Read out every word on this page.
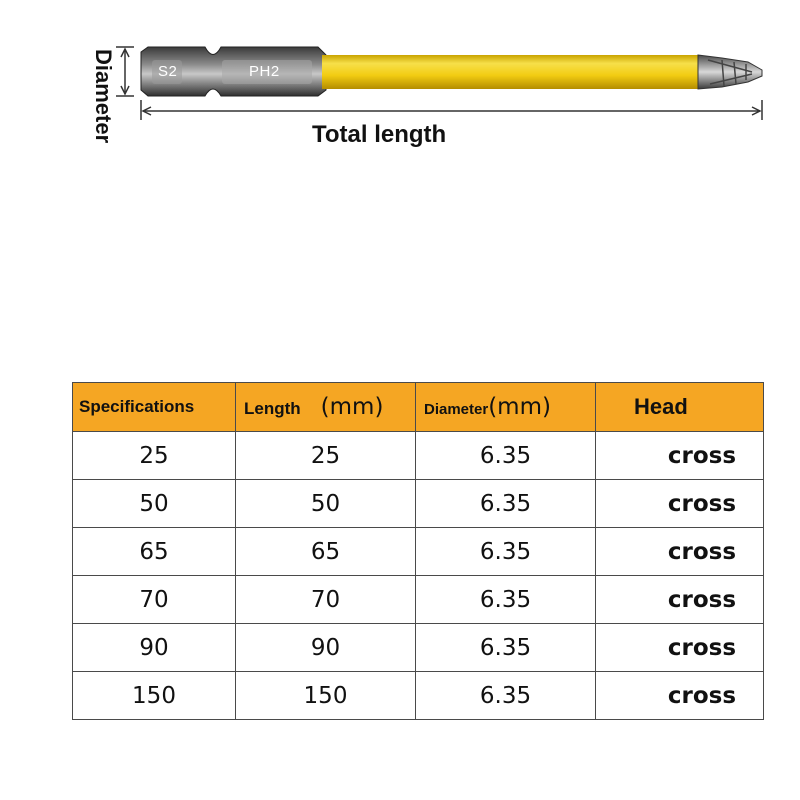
S2	PH2
Diameter	Total length
Specifications	Length (mm)	Diameter(mm)	Head
25	25	6.35	cross
50	50	6.35	cross
65	65	6.35	cross
70	70	6.35	cross
90	90	6.35	cross
150	150	6.35	cross
